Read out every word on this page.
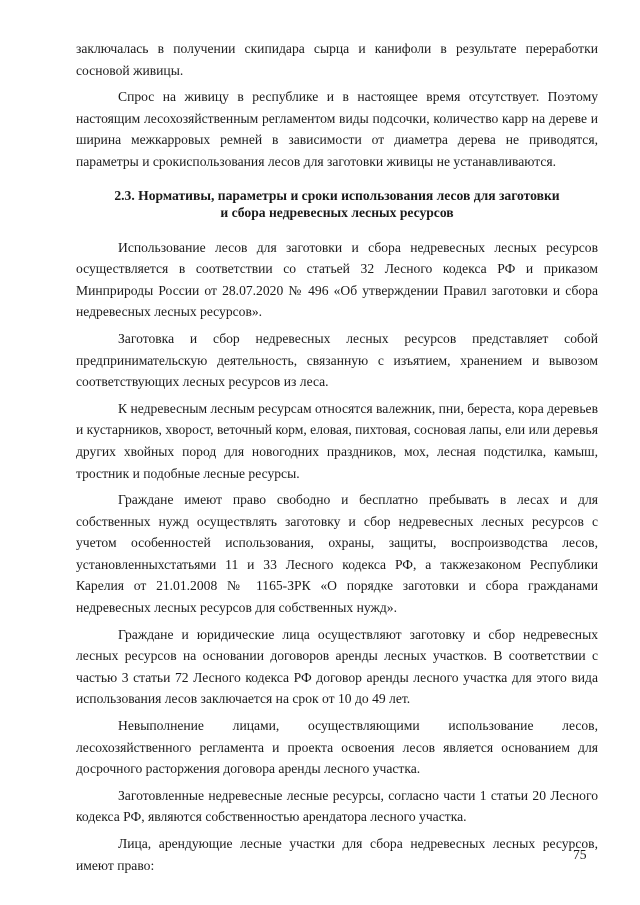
заключалась в получении скипидара сырца и канифоли в результате переработки сосновой живицы.

Спрос на живицу в республике и в настоящее время отсутствует. Поэтому настоящим лесохозяйственным регламентом виды подсочки, количество карр на дереве и ширина межкарровых ремней в зависимости от диаметра дерева не приводятся, параметры и срокиспользования лесов для заготовки живицы не устанавливаются.

2.3. Нормативы, параметры и сроки использования лесов для заготовки
и сбора недревесных лесных ресурсов

Использование лесов для заготовки и сбора недревесных лесных ресурсов осуществляется в соответствии со статьей 32 Лесного кодекса РФ и приказом Минприроды России от 28.07.2020 № 496 «Об утверждении Правил заготовки и сбора недревесных лесных ресурсов».

Заготовка и сбор недревесных лесных ресурсов представляет собой предпринимательскую деятельность, связанную с изъятием, хранением и вывозом соответствующих лесных ресурсов из леса.

К недревесным лесным ресурсам относятся валежник, пни, береста, кора деревьев и кустарников, хворост, веточный корм, еловая, пихтовая, сосновая лапы, ели или деревья других хвойных пород для новогодних праздников, мох, лесная подстилка, камыш, тростник и подобные лесные ресурсы.

Граждане имеют право свободно и бесплатно пребывать в лесах и для собственных нужд осуществлять заготовку и сбор недревесных лесных ресурсов с учетом особенностей использования, охраны, защиты, воспроизводства лесов, установленныхстатьями 11 и 33 Лесного кодекса РФ, а такжезаконом Республики Карелия от 21.01.2008 № 1165-ЗРК «О порядке заготовки и сбора гражданами недревесных лесных ресурсов для собственных нужд».

Граждане и юридические лица осуществляют заготовку и сбор недревесных лесных ресурсов на основании договоров аренды лесных участков. В соответствии с частью 3 статьи 72 Лесного кодекса РФ договор аренды лесного участка для этого вида использования лесов заключается на срок от 10 до 49 лет.

Невыполнение лицами, осуществляющими использование лесов, лесохозяйственного регламента и проекта освоения лесов является основанием для досрочного расторжения договора аренды лесного участка.

Заготовленные недревесные лесные ресурсы, согласно части 1 статьи 20 Лесного кодекса РФ, являются собственностью арендатора лесного участка.

Лица, арендующие лесные участки для сбора недревесных лесных ресурсов, имеют право:

75
